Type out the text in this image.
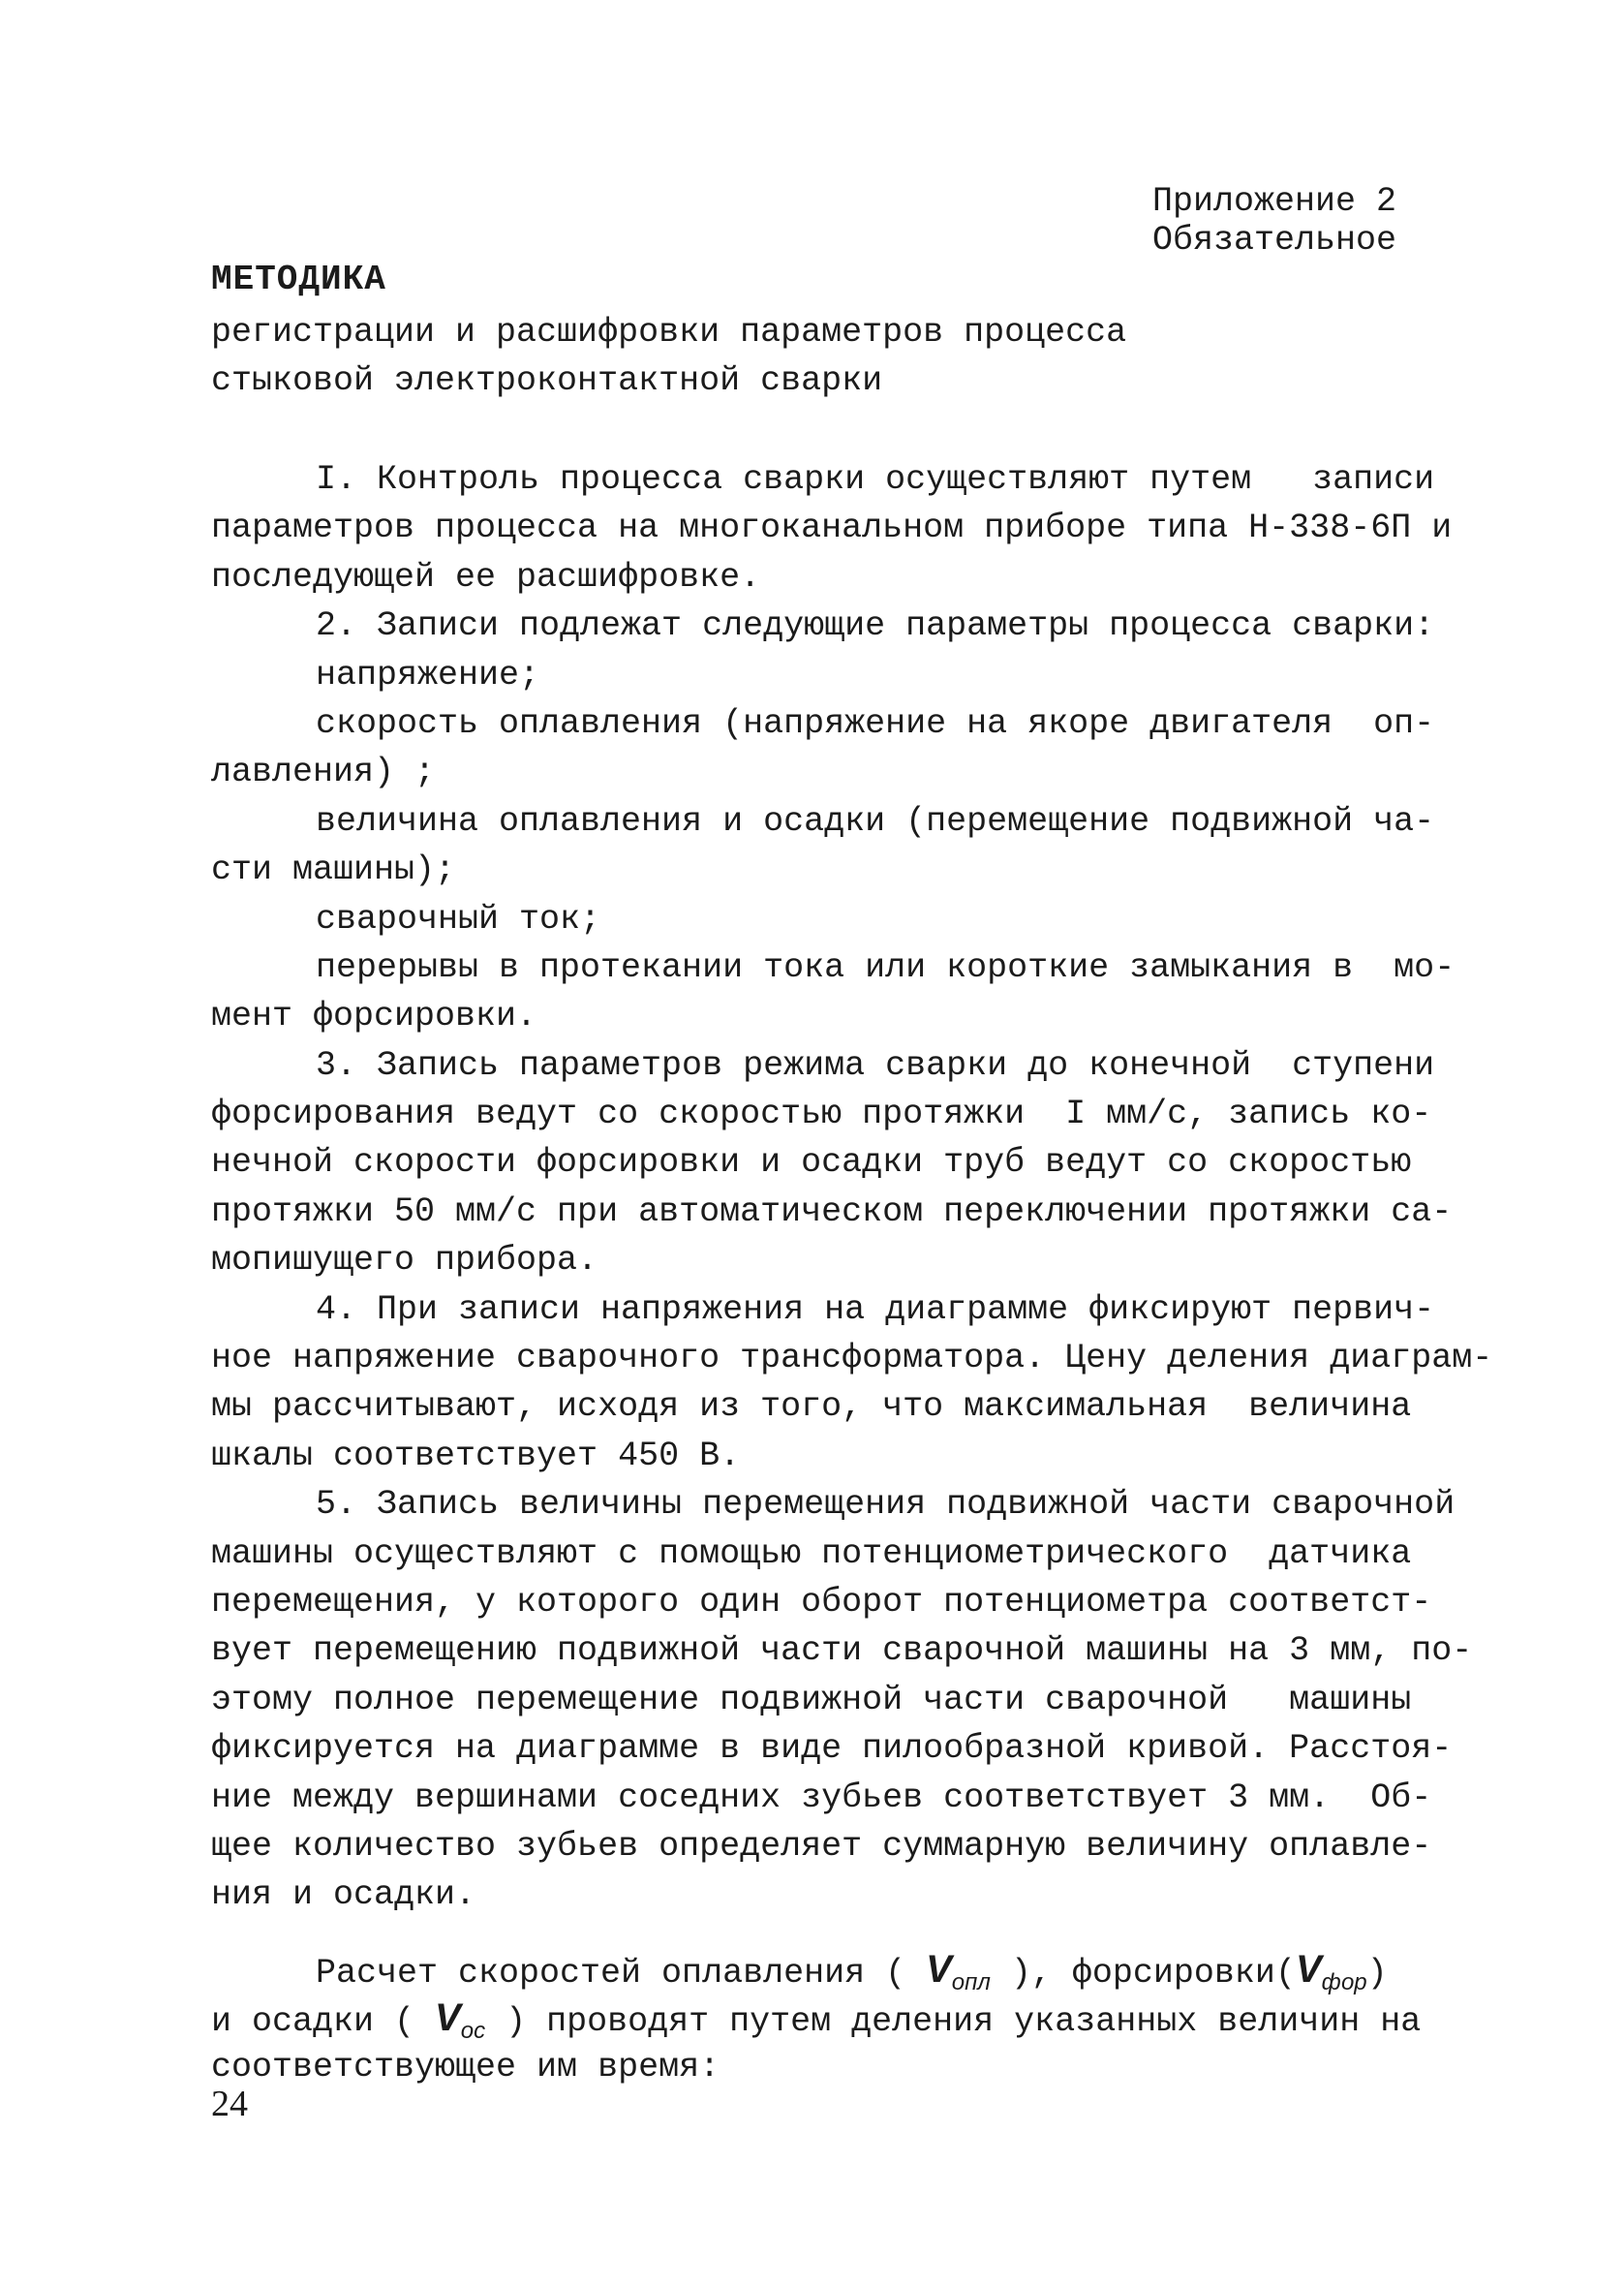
Приложение 2
Обязательное
МЕТОДИКА
регистрации и расшифровки параметров процесса
стыковой электроконтактной сварки
I. Контроль процесса сварки осуществляют путем   записи
параметров процесса на многоканальном приборе типа Н-338-6П и
последующей ее расшифровке.
2. Записи подлежат следующие параметры процесса сварки:
напряжение;
скорость оплавления (напряжение на якоре двигателя  оп-
лавления) ;
величина оплавления и осадки (перемещение подвижной ча-
сти машины);
сварочный ток;
перерывы в протекании тока или короткие замыкания в  мо-
мент форсировки.
3. Запись параметров режима сварки до конечной  ступени
форсирования ведут со скоростью протяжки  I мм/с, запись ко-
нечной скорости форсировки и осадки труб ведут со скоростью
протяжки 50 мм/с при автоматическом переключении протяжки са-
мопишущего прибора.
4. При записи напряжения на диаграмме фиксируют первич-
ное напряжение сварочного трансформатора. Цену деления диаграм-
мы рассчитывают, исходя из того, что максимальная  величина
шкалы соответствует 450 В.
5. Запись величины перемещения подвижной части сварочной
машины осуществляют с помощью потенциометрического  датчика
перемещения, у которого один оборот потенциометра соответст-
вует перемещению подвижной части сварочной машины на 3 мм, по-
этому полное перемещение подвижной части сварочной   машины
фиксируется на диаграмме в виде пилообразной кривой. Расстоя-
ние между вершинами соседних зубьев соответствует 3 мм.  Об-
щее количество зубьев определяет суммарную величину оплавле-
ния и осадки.
Расчет скоростей оплавления ( $V_{опл}$ ), $форсировки(V_{фор})$
и осадки ( $V_{ос}$ ) проводят путем деления указанных величин на
соответствующее им время:
24
